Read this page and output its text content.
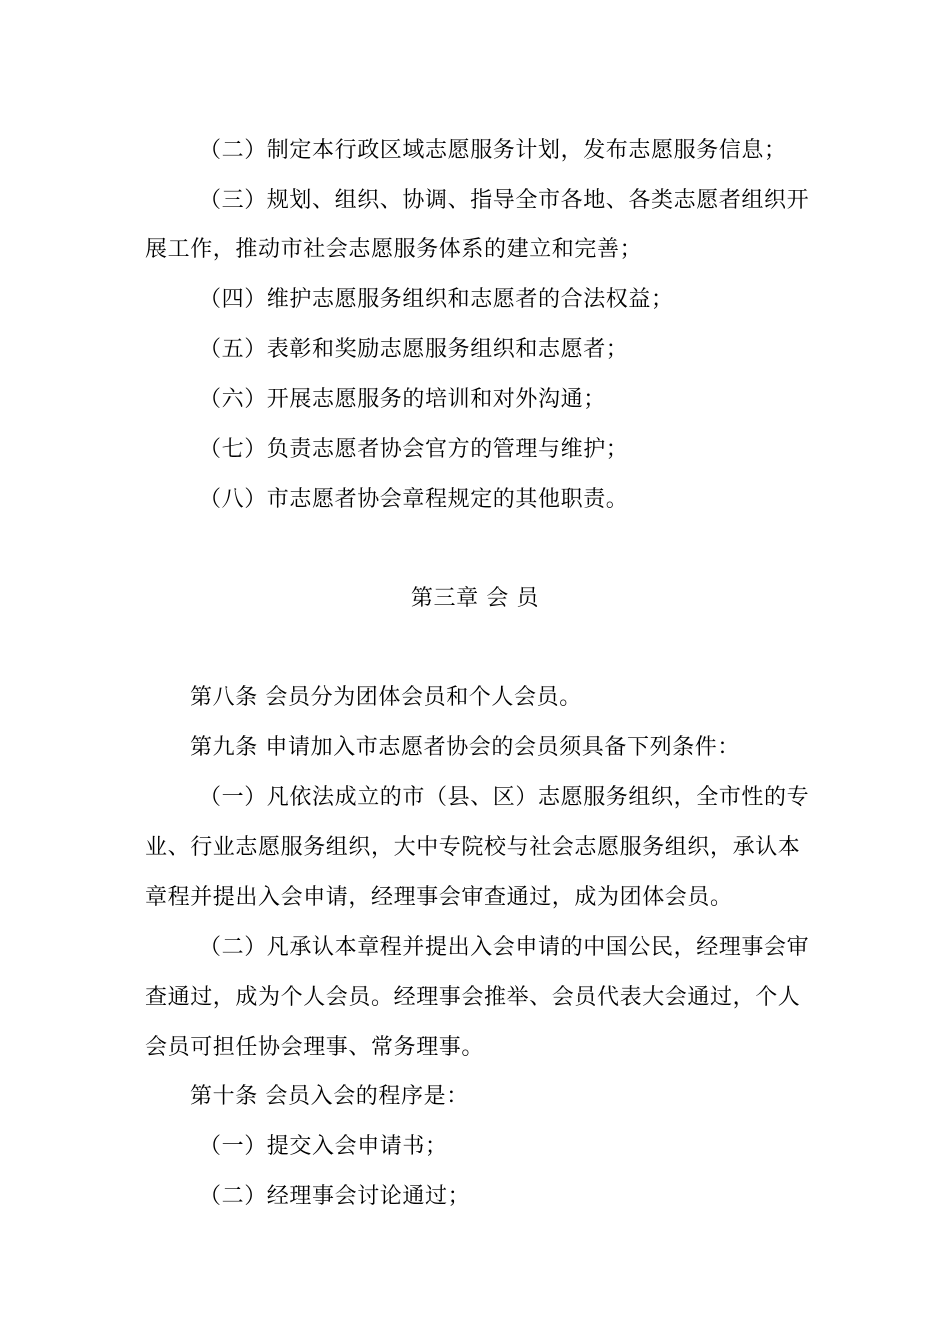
（二）制定本行政区域志愿服务计划，发布志愿服务信息；
（三）规划、组织、协调、指导全市各地、各类志愿者组织开
展工作，推动市社会志愿服务体系的建立和完善；
（四）维护志愿服务组织和志愿者的合法权益；
（五）表彰和奖励志愿服务组织和志愿者；
（六）开展志愿服务的培训和对外沟通；
（七）负责志愿者协会官方的管理与维护；
（八）市志愿者协会章程规定的其他职责。
第三章 会 员
第八条 会员分为团体会员和个人会员。
第九条 申请加入市志愿者协会的会员须具备下列条件：
（一）凡依法成立的市（县、区）志愿服务组织，全市性的专
业、行业志愿服务组织，大中专院校与社会志愿服务组织，承认本
章程并提出入会申请，经理事会审查通过，成为团体会员。
（二）凡承认本章程并提出入会申请的中国公民，经理事会审
查通过，成为个人会员。经理事会推举、会员代表大会通过，个人
会员可担任协会理事、常务理事。
第十条 会员入会的程序是：
（一）提交入会申请书；
（二）经理事会讨论通过；
